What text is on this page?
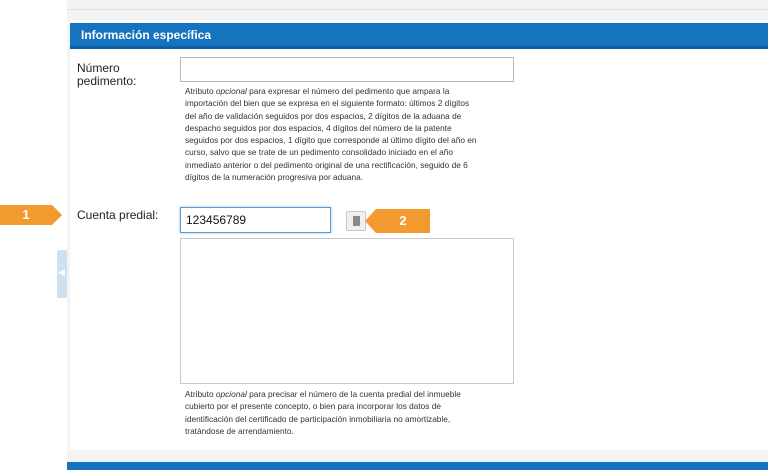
◀
Información específica
Número
pedimento:
Atributo opcional para expresar el número del pedimento que ampara la
importación del bien que se expresa en el siguiente formato: últimos 2 dígitos
del año de validación seguidos por dos espacios, 2 dígitos de la aduana de
despacho seguidos por dos espacios, 4 dígitos del número de la patente
seguidos por dos espacios, 1 dígito que corresponde al último dígito del año en
curso, salvo que se trate de un pedimento consolidado iniciado en el año
inmediato anterior o del pedimento original de una rectificación, seguido de 6
dígitos de la numeración progresiva por aduana.
Cuenta predial:
123456789
Atributo opcional para precisar el número de la cuenta predial del inmueble
cubierto por el presente concepto, o bien para incorporar los datos de
identificación del certificado de participación inmobiliaria no amortizable,
tratándose de arrendamiento.
1	2
